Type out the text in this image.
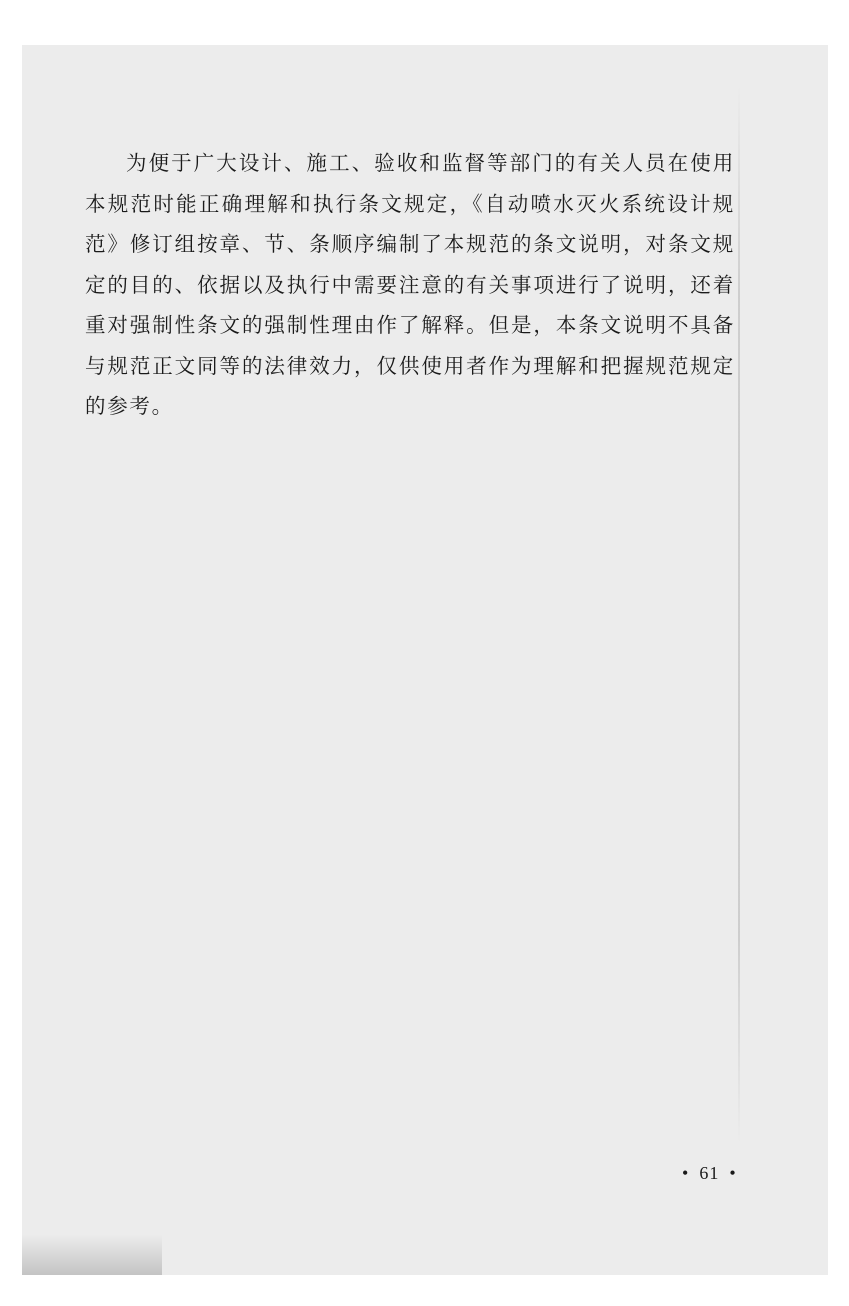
为便于广大设计、施工、验收和监督等部门的有关人员在使用本规范时能正确理解和执行条文规定，《自动喷水灭火系统设计规范》修订组按章、节、条顺序编制了本规范的条文说明，对条文规定的目的、依据以及执行中需要注意的有关事项进行了说明，还着重对强制性条文的强制性理由作了解释。但是，本条文说明不具备与规范正文同等的法律效力，仅供使用者作为理解和把握规范规定的参考。

• 61 •
